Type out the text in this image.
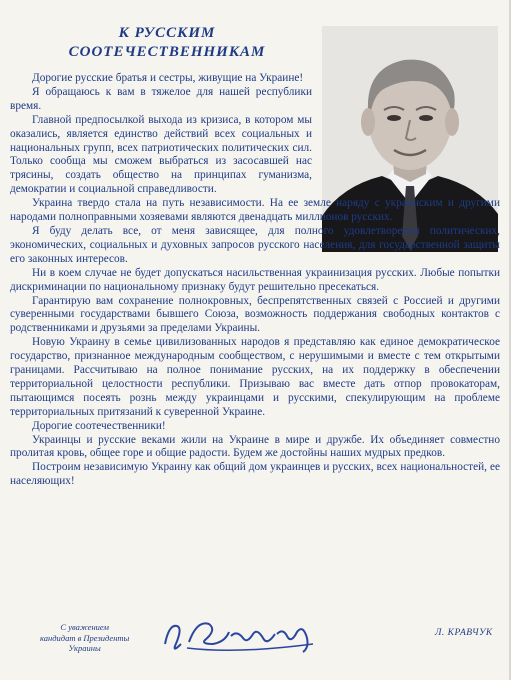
К РУССКИМ
СООТЕЧЕСТВЕННИКАМ

Дорогие русские братья и сестры, живущие на Украине!

Я обращаюсь к вам в тяжелое для нашей республики время.

Главной предпосылкой выхода из кризиса, в котором мы оказались, является единство действий всех социальных и национальных групп, всех патриотических политических сил. Только сообща мы сможем выбраться из засосавшей нас трясины, создать общество на принципах гуманизма, демократии и социальной справедливости.

Украина твердо стала на путь независимости. На ее земле наряду с украинским и другими народами полноправными хозяевами являются двенадцать миллионов русских.

Я буду делать все, от меня зависящее, для полного удовлетворения политических, экономических, социальных и духовных запросов русского населения, для государственной защиты его законных интересов.

Ни в коем случае не будет допускаться насильственная украинизация русских. Любые попытки дискриминации по национальному признаку будут решительно пресекаться.

Гарантирую вам сохранение полнокровных, беспрепятственных связей с Россией и другими суверенными государствами бывшего Союза, возможность поддержания свободных контактов с родственниками и друзьями за пределами Украины.

Новую Украину в семье цивилизованных народов я представляю как единое демократическое государство, признанное международным сообществом, с нерушимыми и вместе с тем открытыми границами. Рассчитываю на полное понимание русских, на их поддержку в обеспечении территориальной целостности республики. Призываю вас вместе дать отпор провокаторам, пытающимся посеять рознь между украинцами и русскими, спекулирующим на проблеме территориальных притязаний к суверенной Украине.

Дорогие соотечественники!

Украинцы и русские веками жили на Украине в мире и дружбе. Их объединяет совместно пролитая кровь, общее горе и общие радости. Будем же достойны наших мудрых предков.

Построим независимую Украину как общий дом украинцев и русских, всех национальностей, ее населяющих!

С уважением
кандидат в Президенты
Украины
Л. КРАВЧУК
